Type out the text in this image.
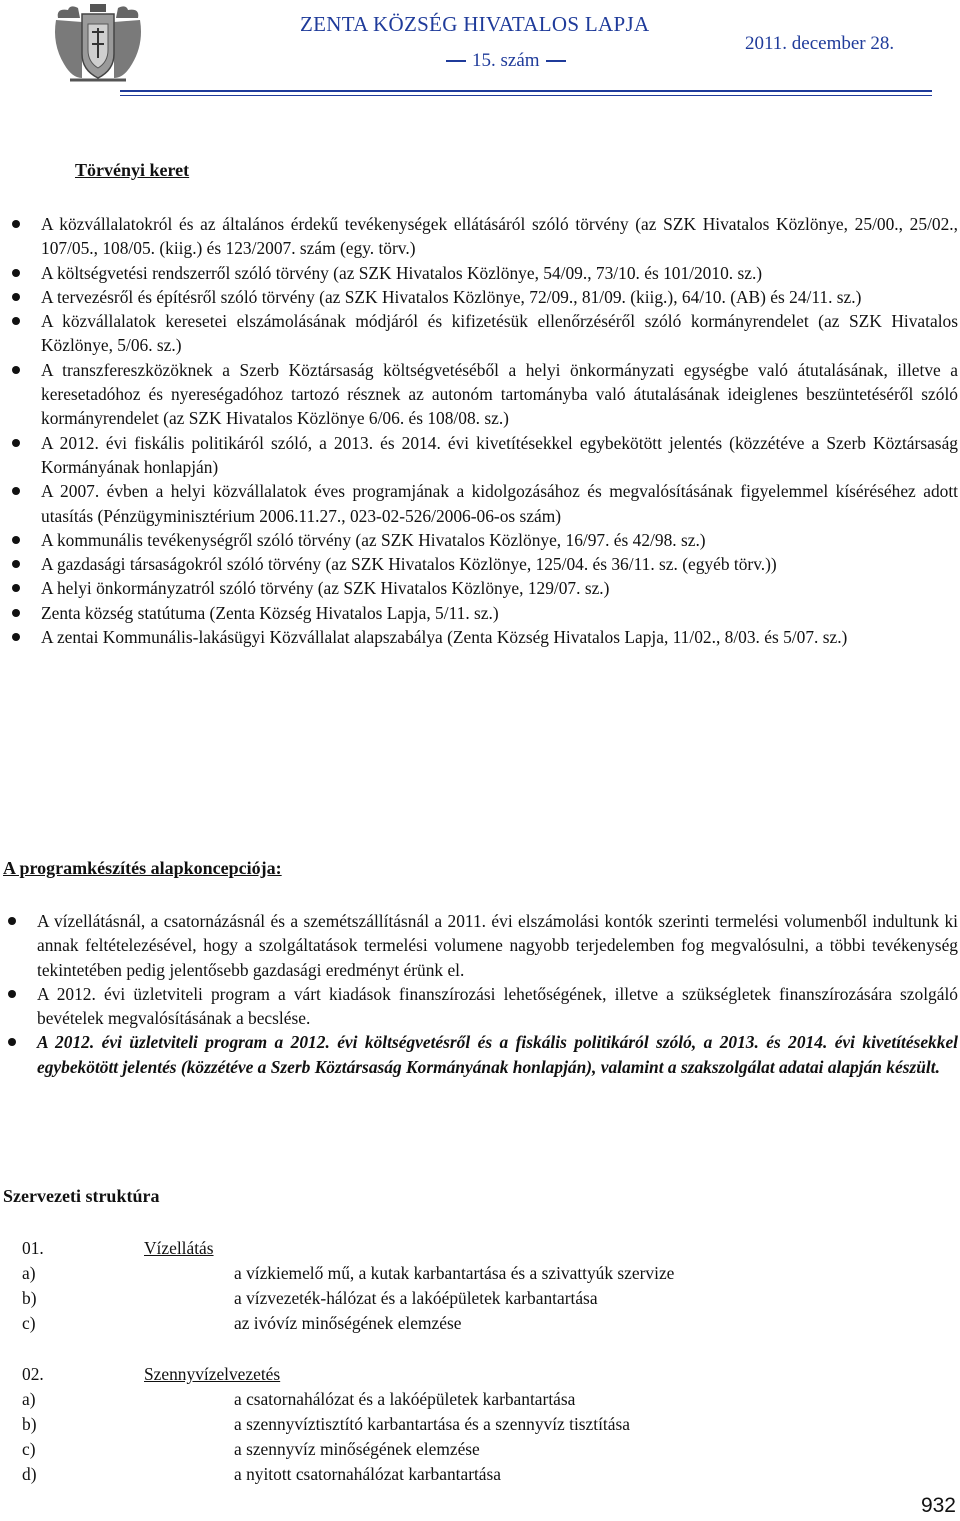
ZENTA KÖZSÉG HIVATALOS LAPJA
15. szám
2011. december 28.
Törvényi keret
A közvállalatokról és az általános érdekű tevékenységek ellátásáról szóló törvény (az SZK Hivatalos Közlönye, 25/00., 25/02., 107/05., 108/05. (kiig.) és 123/2007. szám (egy. törv.)
A költségvetési rendszerről szóló törvény (az SZK Hivatalos Közlönye, 54/09., 73/10. és 101/2010. sz.)
A tervezésről és építésről szóló törvény (az SZK Hivatalos Közlönye, 72/09., 81/09. (kiig.), 64/10. (AB) és 24/11. sz.)
A közvállalatok keresetei elszámolásának módjáról és kifizetésük ellenőrzéséről szóló kormányrendelet (az SZK Hivatalos Közlönye, 5/06. sz.)
A transzfereszközöknek a Szerb Köztársaság költségvetéséből a helyi önkormányzati egységbe való átutalásának, illetve a keresetadóhoz és nyereségadóhoz tartozó résznek az autonóm tartományba való átutalásának ideiglenes beszüntetéséről szóló kormányrendelet (az SZK Hivatalos Közlönye 6/06. és 108/08. sz.)
A 2012. évi fiskális politikáról szóló, a 2013. és 2014. évi kivetítésekkel egybekötött jelentés (közzétéve a Szerb Köztársaság Kormányának honlapján)
A 2007. évben a helyi közvállalatok éves programjának a kidolgozásához és megvalósításának figyelemmel kíséréséhez adott utasítás (Pénzügyminisztérium 2006.11.27., 023-02-526/2006-06-os szám)
A kommunális tevékenységről szóló törvény (az SZK Hivatalos Közlönye, 16/97. és 42/98. sz.)
A gazdasági társaságokról szóló törvény (az SZK Hivatalos Közlönye, 125/04. és 36/11. sz. (egyéb törv.))
A helyi önkormányzatról szóló törvény (az SZK Hivatalos Közlönye, 129/07. sz.)
Zenta község statútuma (Zenta Község Hivatalos Lapja, 5/11. sz.)
A zentai Kommunális-lakásügyi Közvállalat alapszabálya (Zenta Község Hivatalos Lapja, 11/02., 8/03. és 5/07. sz.)
A programkészítés alapkoncepciója:
A vízellátásnál, a csatornázásnál és a szemétszállításnál a 2011. évi elszámolási kontók szerinti termelési volumenből indultunk ki annak feltételezésével, hogy a szolgáltatások termelési volumene nagyobb terjedelemben fog megvalósulni, a többi tevékenység tekintetében pedig jelentősebb gazdasági eredményt érünk el.
A 2012. évi üzletviteli program a várt kiadások finanszírozási lehetőségének, illetve a szükségletek finanszírozására szolgáló bevételek megvalósításának a becslése.
A 2012. évi üzletviteli program a 2012. évi költségvetésről és a fiskális politikáról szóló, a 2013. és 2014. évi kivetítésekkel egybekötött jelentés (közzétéve a Szerb Köztársaság Kormányának honlapján), valamint a szakszolgálat adatai alapján készült.
Szervezeti struktúra
01.	Vízellátás
a)	a vízkiemelő mű, a kutak karbantartása és a szivattyúk szervize
b)	a vízvezeték-hálózat és a lakóépületek karbantartása
c)	az ivóvíz minőségének elemzése
02.	Szennyvízelvezetés
a)	a csatornahálózat és a lakóépületek karbantartása
b)	a szennyvíztisztító karbantartása és a szennyvíz tisztítása
c)	a szennyvíz minőségének elemzése
d)	a nyitott csatornahálózat karbantartása
932
